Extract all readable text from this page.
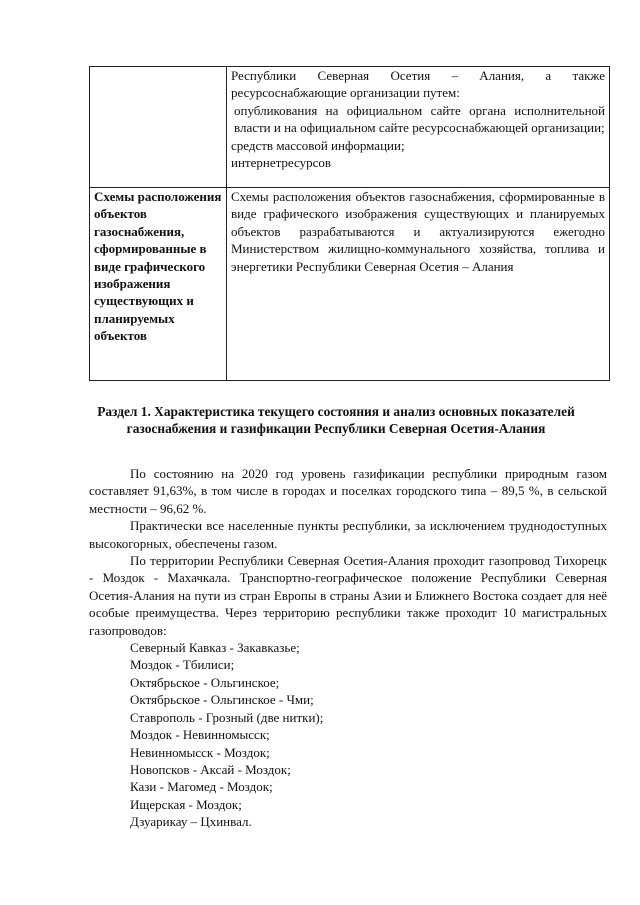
	Республики Северная Осетия – Алания, а также ресурсоснабжающие организации путем:
опубликования на официальном сайте органа исполнительной власти и на официальном сайте ресурсоснабжающей организации;
средств массовой информации;
интернетресурсов

Схемы расположения объектов газоснабжения, сформированные в виде графического изображения существующих и планируемых объектов	Схемы расположения объектов газоснабжения, сформированные в виде графического изображения существующих и планируемых объектов разрабатываются и актуализируются ежегодно Министерством жилищно-коммунального хозяйства, топлива и энергетики Республики Северная Осетия – Алания
Раздел 1. Характеристика текущего состояния и анализ основных показателей газоснабжения и газификации Республики Северная Осетия-Алания

По состоянию на 2020 год уровень газификации республики природным газом составляет 91,63%, в том числе в городах и поселках городского типа – 89,5 %, в сельской местности – 96,62 %.

Практически все населенные пункты республики, за исключением труднодоступных высокогорных, обеспечены газом.

По территории Республики Северная Осетия-Алания проходит газопровод Тихорецк - Моздок - Махачкала. Транспортно-географическое положение Республики Северная Осетия-Алания на пути из стран Европы в страны Азии и Ближнего Востока создает для неё особые преимущества. Через территорию республики также проходит 10 магистральных газопроводов:

Северный Кавказ - Закавказье;
Моздок - Тбилиси;
Октябрьское - Ольгинское;
Октябрьское - Ольгинское - Чми;
Ставрополь - Грозный (две нитки);
Моздок - Невинномысск;
Невинномысск - Моздок;
Новопсков - Аксай - Моздок;
Кази - Магомед - Моздок;
Ищерская - Моздок;
Дзуарикау – Цхинвал.
